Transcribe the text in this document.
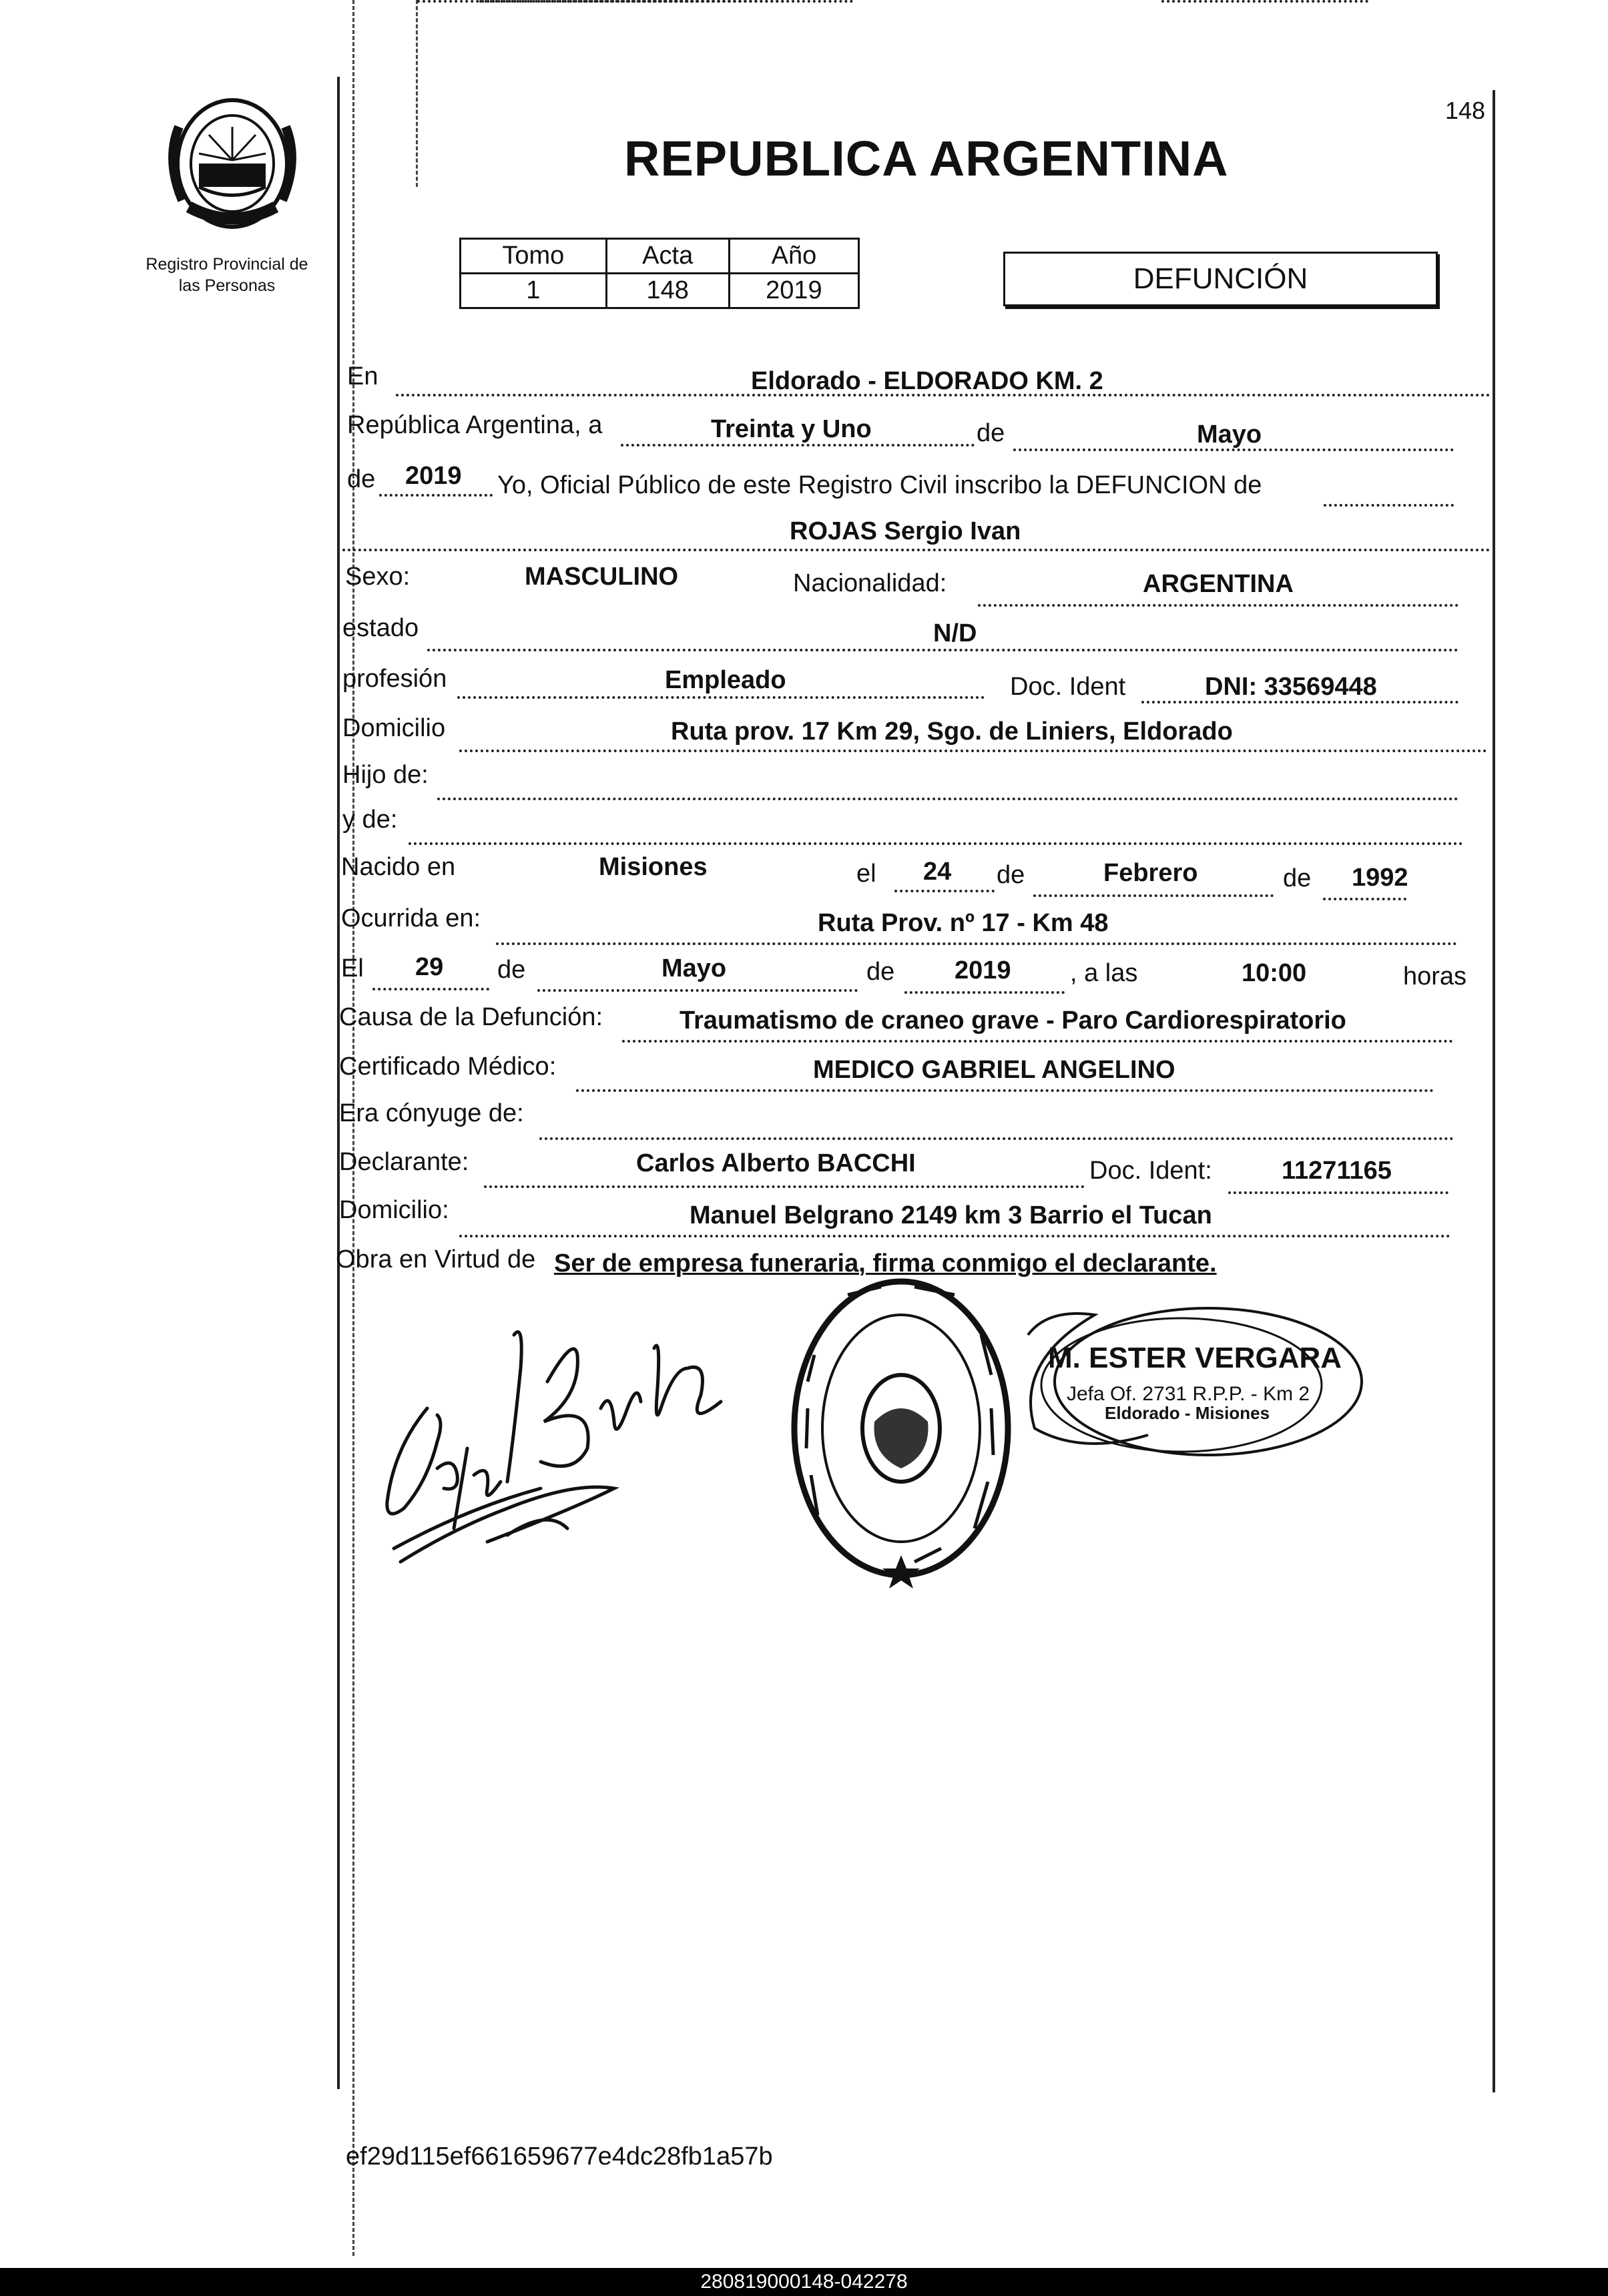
148
Registro Provincial de
las Personas
REPUBLICA ARGENTINA
Tomo	Acta	Año
1	148	2019	DEFUNCIÓN
En	Eldorado - ELDORADO KM. 2
República Argentina, a	Treinta y Uno	de	Mayo
de 2019 Yo, Oficial Público de este Registro Civil inscribo la DEFUNCION de
ROJAS Sergio Ivan
Sexo:	MASCULINO	Nacionalidad:	ARGENTINA
estado	N/D
profesión	Empleado	Doc. Ident	DNI: 33569448
Domicilio	Ruta prov. 17 Km 29, Sgo. de Liniers, Eldorado
Hijo de:
y de:
Nacido en	Misiones	el 24 de	Febrero	de 1992
Ocurrida en:	Ruta Prov. nº 17 - Km 48
El 29 de	Mayo	de 2019 , a las	10:00	horas
Causa de la Defunción:	Traumatismo de craneo grave - Paro Cardiorespiratorio
Certificado Médico:	MEDICO GABRIEL ANGELINO
Era cónyuge de:
Declarante:	Carlos Alberto BACCHI	Doc. Ident:	11271165
Domicilio:	Manuel Belgrano 2149 km 3 Barrio el Tucan
Obra en Virtud de Ser de empresa funeraria, firma conmigo el declarante.
M. ESTER VERGARA
Jefa Of. 2731 R.P.P. - Km 2
Eldorado - Misiones
ef29d115ef661659677e4dc28fb1a57b
280819000148-042278
